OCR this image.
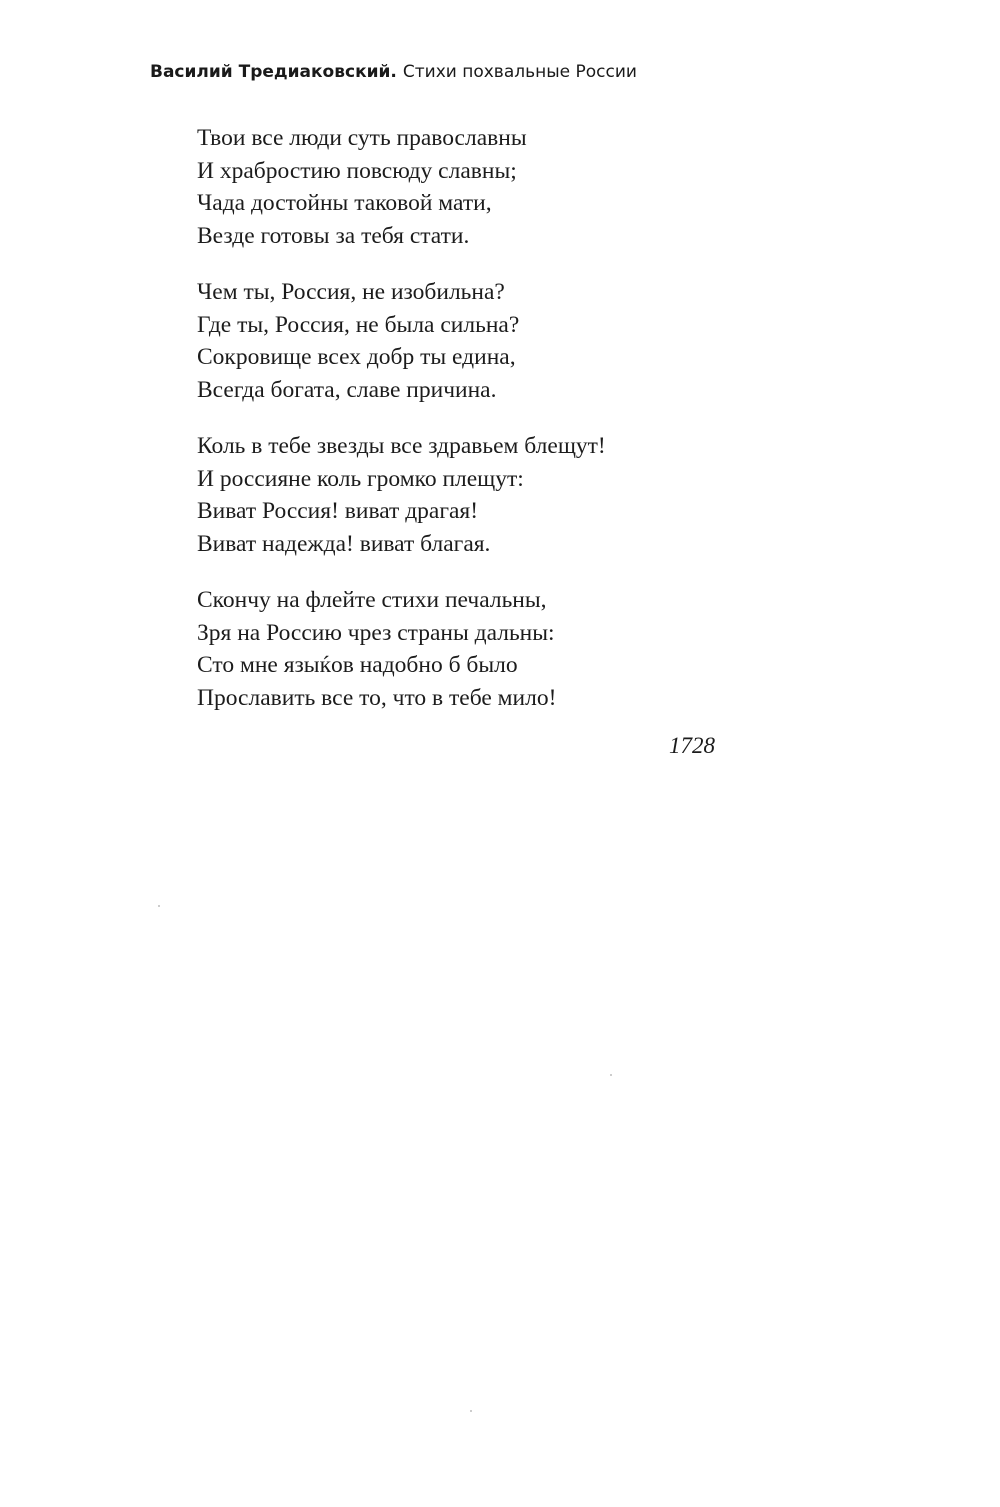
Василий Тредиаковский. Стихи похвальные России
Твои все люди суть православны
И храбростию повсюду славны;
Чада достойны таковой мати,
Везде готовы за тебя стати.
Чем ты, Россия, не изобильна?
Где ты, Россия, не была сильна?
Сокровище всех добр ты едина,
Всегда богата, славе причина.
Коль в тебе звезды все здравьем блещут!
И россияне коль громко плещут:
Виват Россия! виват драгая!
Виват надежда! виват благая.
Скончу на флейте стихи печальны,
Зря на Россию чрез страны дальны:
Сто мне языќов надобно б было
Прославить все то, что в тебе мило!
1728
